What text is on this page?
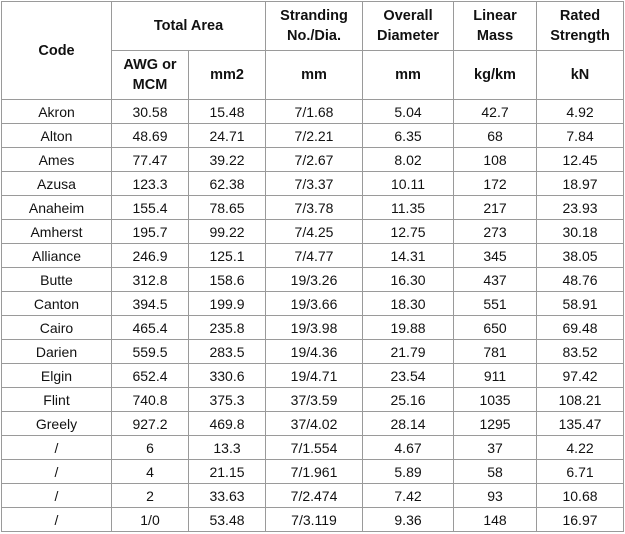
Code	Total Area		Stranding No./Dia.	Overall Diameter	Linear Mass	Rated Strength
	AWG or MCM	mm2	mm	mm	kg/km	kN
Akron	30.58	15.48	7/1.68	5.04	42.7	4.92
Alton	48.69	24.71	7/2.21	6.35	68	7.84
Ames	77.47	39.22	7/2.67	8.02	108	12.45
Azusa	123.3	62.38	7/3.37	10.11	172	18.97
Anaheim	155.4	78.65	7/3.78	11.35	217	23.93
Amherst	195.7	99.22	7/4.25	12.75	273	30.18
Alliance	246.9	125.1	7/4.77	14.31	345	38.05
Butte	312.8	158.6	19/3.26	16.30	437	48.76
Canton	394.5	199.9	19/3.66	18.30	551	58.91
Cairo	465.4	235.8	19/3.98	19.88	650	69.48
Darien	559.5	283.5	19/4.36	21.79	781	83.52
Elgin	652.4	330.6	19/4.71	23.54	911	97.42
Flint	740.8	375.3	37/3.59	25.16	1035	108.21
Greely	927.2	469.8	37/4.02	28.14	1295	135.47
/	6	13.3	7/1.554	4.67	37	4.22
/	4	21.15	7/1.961	5.89	58	6.71
/	2	33.63	7/2.474	7.42	93	10.68
/	1/0	53.48	7/3.119	9.36	148	16.97
